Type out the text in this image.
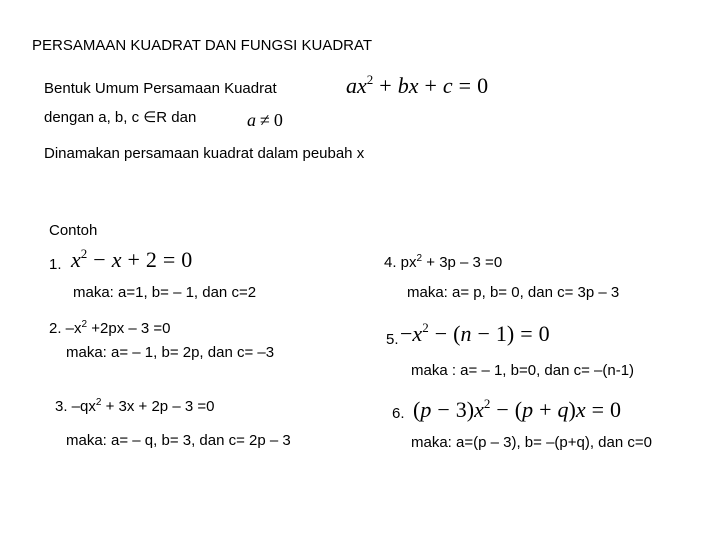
PERSAMAAN KUADRAT DAN FUNGSI KUADRAT
Bentuk Umum Persamaan Kuadrat	$ax^2$ + bx + c = 0
dengan a, b, c ∈R dan	a ≠ 0
Dinamakan persamaan kuadrat dalam peubah x
Contoh
1. $x^2 - x + 2 = 0$
maka: a=1, b= – 1, dan c=2
2. $-x^2 +2px - 3 =0$
maka: a= – 1, b= 2p, dan c= –3
3. $-qx^2 + 3x + 2p - 3 =0$
maka: a= – q, b= 3, dan c= 2p – 3
4. $px^2 + 3p - 3 =0$
maka: a= p, b= 0, dan c= 3p – 3
5. $-x^2 - (n - 1) = 0$
maka : a= – 1, b=0, dan c= –(n-1)
6. $(p - 3)x^2 - (p + q)x = 0$
maka: a=(p – 3), b= –(p+q), dan c=0
